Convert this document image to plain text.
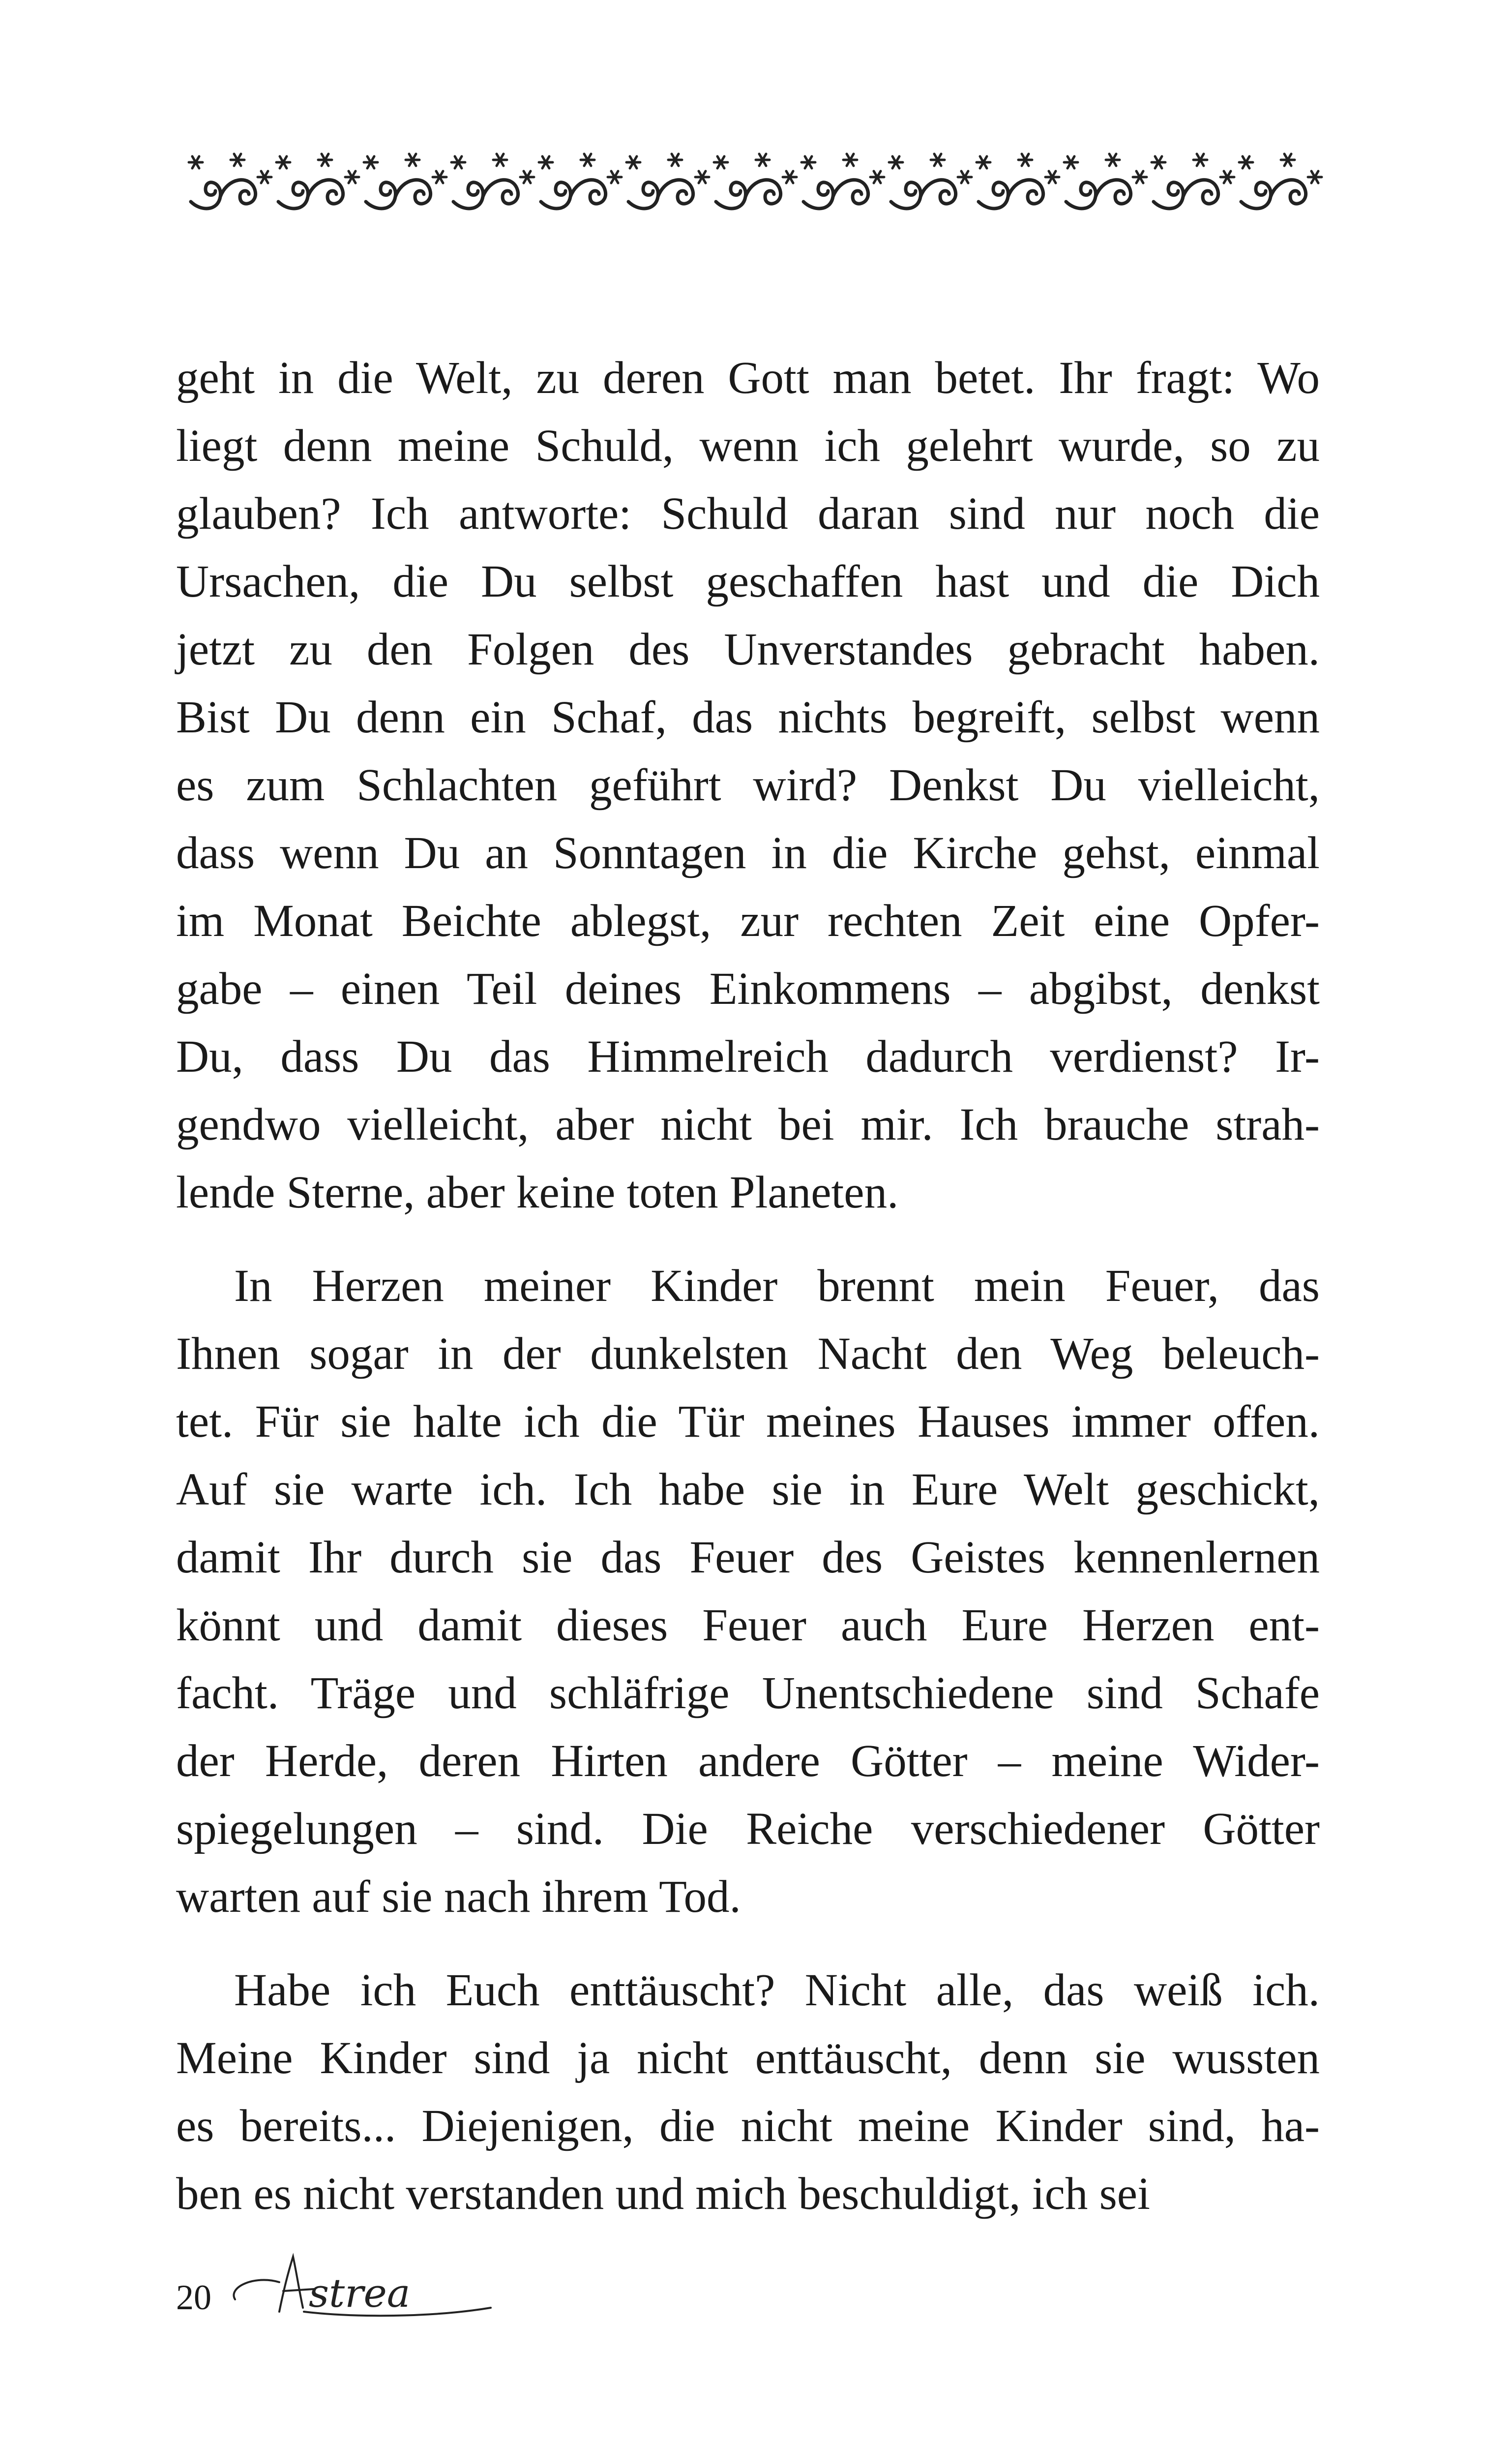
geht in die Welt, zu deren Gott man betet. Ihr fragt: Wo
liegt denn meine Schuld, wenn ich gelehrt wurde, so zu
glauben? Ich antworte: Schuld daran sind nur noch die
Ursachen, die Du selbst geschaffen hast und die Dich
jetzt zu den Folgen des Unverstandes gebracht haben.
Bist Du denn ein Schaf, das nichts begreift, selbst wenn
es zum Schlachten geführt wird? Denkst Du vielleicht,
dass wenn Du an Sonntagen in die Kirche gehst, einmal
im Monat Beichte ablegst, zur rechten Zeit eine Opfer-
gabe – einen Teil deines Einkommens – abgibst, denkst
Du, dass Du das Himmelreich dadurch verdienst? Ir-
gendwo vielleicht, aber nicht bei mir. Ich brauche strah-
lende Sterne, aber keine toten Planeten.

In Herzen meiner Kinder brennt mein Feuer, das
Ihnen sogar in der dunkelsten Nacht den Weg beleuch-
tet. Für sie halte ich die Tür meines Hauses immer offen.
Auf sie warte ich. Ich habe sie in Eure Welt geschickt,
damit Ihr durch sie das Feuer des Geistes kennenlernen
könnt und damit dieses Feuer auch Eure Herzen ent-
facht. Träge und schläfrige Unentschiedene sind Schafe
der Herde, deren Hirten andere Götter – meine Wider-
spiegelungen – sind. Die Reiche verschiedener Götter
warten auf sie nach ihrem Tod.

Habe ich Euch enttäuscht? Nicht alle, das weiß ich.
Meine Kinder sind ja nicht enttäuscht, denn sie wussten
es bereits... Diejenigen, die nicht meine Kinder sind, ha-
ben es nicht verstanden und mich beschuldigt, ich sei

20 strea
